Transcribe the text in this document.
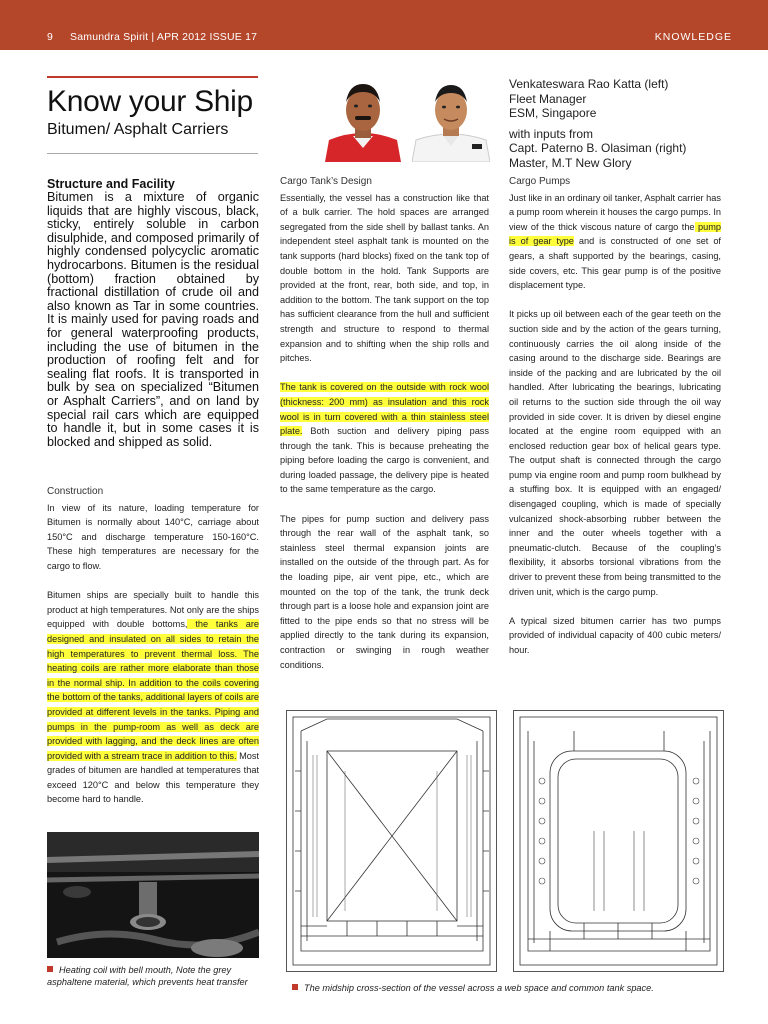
9 Samundra Spirit | APR 2012 ISSUE 17	KNOWLEDGE
Know your Ship
Bitumen/ Asphalt Carriers
Venkateswara Rao Katta (left)
Fleet Manager
ESM, Singapore
with inputs from
Capt. Paterno B. Olasiman (right)
Master, M.T New Glory
Structure and Facility
Bitumen is a mixture of organic liquids that are highly viscous, black, sticky, entirely soluble in carbon disulphide, and composed primarily of highly condensed polycyclic aromatic hydrocarbons. Bitumen is the residual (bottom) fraction obtained by fractional distillation of crude oil and also known as Tar in some countries. It is mainly used for paving roads and for general waterproofing products, including the use of bitumen in the production of roofing felt and for sealing flat roofs. It is transported in bulk by sea on specialized “Bitumen or Asphalt Carriers”, and on land by special rail cars which are equipped to handle it, but in some cases it is blocked and shipped as solid.
Construction

In view of its nature, loading temperature for Bitumen is normally about 140°C, carriage about 150°C and discharge temperature 150-160°C. These high temperatures are necessary for the cargo to flow.

Bitumen ships are specially built to handle this product at high temperatures. Not only are the ships equipped with double bottoms, the tanks are designed and insulated on all sides to retain the high temperatures to prevent thermal loss. The heating coils are rather more elaborate than those in the normal ship. In addition to the coils covering the bottom of the tanks, additional layers of coils are provided at different levels in the tanks. Piping and pumps in the pump-room as well as deck are provided with lagging, and the deck lines are often provided with a stream trace in addition to this. Most grades of bitumen are handled at temperatures that exceed 120°C and below this temperature they become hard to handle.

Cargo Tank’s Design

Essentially, the vessel has a construction like that of a bulk carrier. The hold spaces are arranged segregated from the side shell by ballast tanks. An independent steel asphalt tank is mounted on the tank supports (hard blocks) fixed on the tank top of double bottom in the hold. Tank Supports are provided at the front, rear, both side, and top, in addition to the bottom. The tank support on the top has sufficient clearance from the hull and sufficient strength and structure to respond to thermal expansion and to shifting when the ship rolls and pitches.

The tank is covered on the outside with rock wool (thickness: 200 mm) as insulation and this rock wool is in turn covered with a thin stainless steel plate. Both suction and delivery piping pass through the tank. This is because preheating the piping before loading the cargo is convenient, and during loaded passage, the delivery pipe is heated to the same temperature as the cargo.

The pipes for pump suction and delivery pass through the rear wall of the asphalt tank, so stainless steel thermal expansion joints are installed on the outside of the through part. As for the loading pipe, air vent pipe, etc., which are mounted on the top of the tank, the trunk deck through part is a loose hole and expansion joint are fitted to the pipe ends so that no stress will be applied directly to the tank during its expansion, contraction or swinging in rough weather conditions.

Cargo Pumps

Just like in an ordinary oil tanker, Asphalt carrier has a pump room wherein it houses the cargo pumps. In view of the thick viscous nature of cargo the pump is of gear type and is constructed of one set of gears, a shaft supported by the bearings, casing, side covers, etc. This gear pump is of the positive displacement type.

It picks up oil between each of the gear teeth on the suction side and by the action of the gears turning, continuously carries the oil along inside of the casing around to the discharge side. Bearings are inside of the packing and are lubricated by the oil handled. After lubricating the bearings, lubricating oil returns to the suction side through the oil way provided in side cover. It is driven by diesel engine located at the engine room equipped with an enclosed reduction gear box of helical gears type. The output shaft is connected through the cargo pump via engine room and pump room bulkhead by a stuffing box. It is equipped with an engaged/ disengaged coupling, which is made of specially vulcanized shock-absorbing rubber between the inner and the outer wheels together with a pneumatic-clutch. Because of the coupling’s flexibility, it absorbs torsional vibrations from the driver to prevent these from being transmitted to the driven unit, which is the cargo pump.

A typical sized bitumen carrier has two pumps provided of individual capacity of 400 cubic meters/ hour.

Heating coil with bell mouth, Note the grey asphaltene material, which prevents heat transfer
The midship cross-section of the vessel across a web space and common tank space.
